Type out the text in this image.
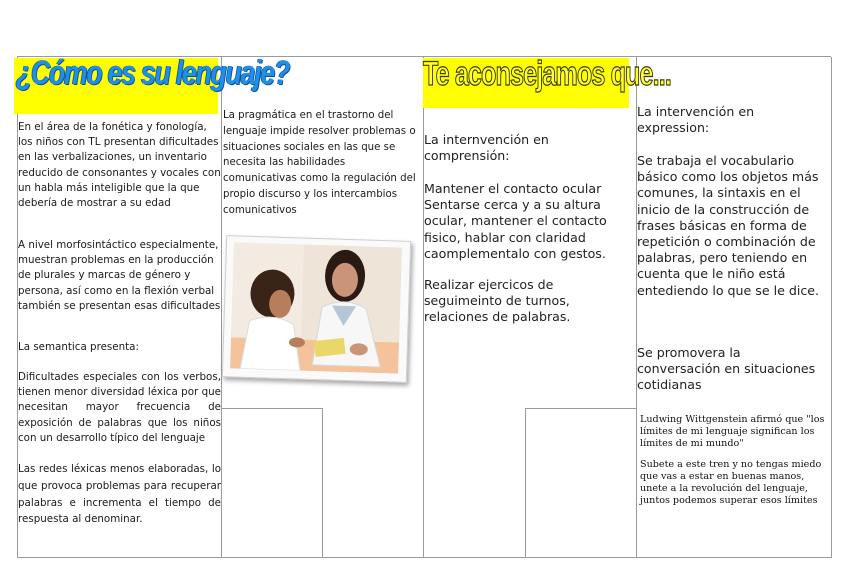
¿Cómo es su lenguaje?
En el área de la fonética y fonología, los niños con TL presentan dificultades en las verbalizaciones, un inventario reducido de consonantes y vocales con un habla más inteligible que la que debería de mostrar a su edad
A nivel morfosintáctico especialmente, muestran problemas en la producción de plurales y marcas de género y persona, así como en la flexión verbal también se presentan esas dificultades
La semantica presenta:
Dificultades especiales con los verbos, tienen menor diversidad léxica por que necesitan mayor frecuencia de exposición de palabras que los niños con un desarrollo típico del lenguaje
Las redes léxicas menos elaboradas, lo que provoca problemas para recuperar palabras e incrementa el tiempo de respuesta al denominar.
La pragmática en el trastorno del lenguaje impide resolver problemas o situaciones sociales en las que se necesita las habilidades comunicativas como la regulación del propio discurso y los intercambios comunicativos
Te aconsejamos que...
La internvención en comprensión:
Mantener el contacto ocular Sentarse cerca y a su altura ocular, mantener el contacto fisico, hablar con claridad caomplementalo con gestos.
Realizar ejercicos de seguimeinto de turnos, relaciones de palabras.
La intervención en expression:
Se trabaja el vocabulario básico como los objetos más comunes, la sintaxis en el inicio de la construcción de frases básicas en forma de repetición o combinación de palabras, pero teniendo en cuenta que le niño está entediendo lo que se le dice.
Se promovera la conversación en situaciones cotidianas

Ludwing Wittgenstein afirmó que "los límites de mi lenguaje significan los límites de mi mundo"

Subete a este tren y no tengas miedo que vas a estar en buenas manos, unete a la revolución del lenguaje, juntos podemos superar esos límites
